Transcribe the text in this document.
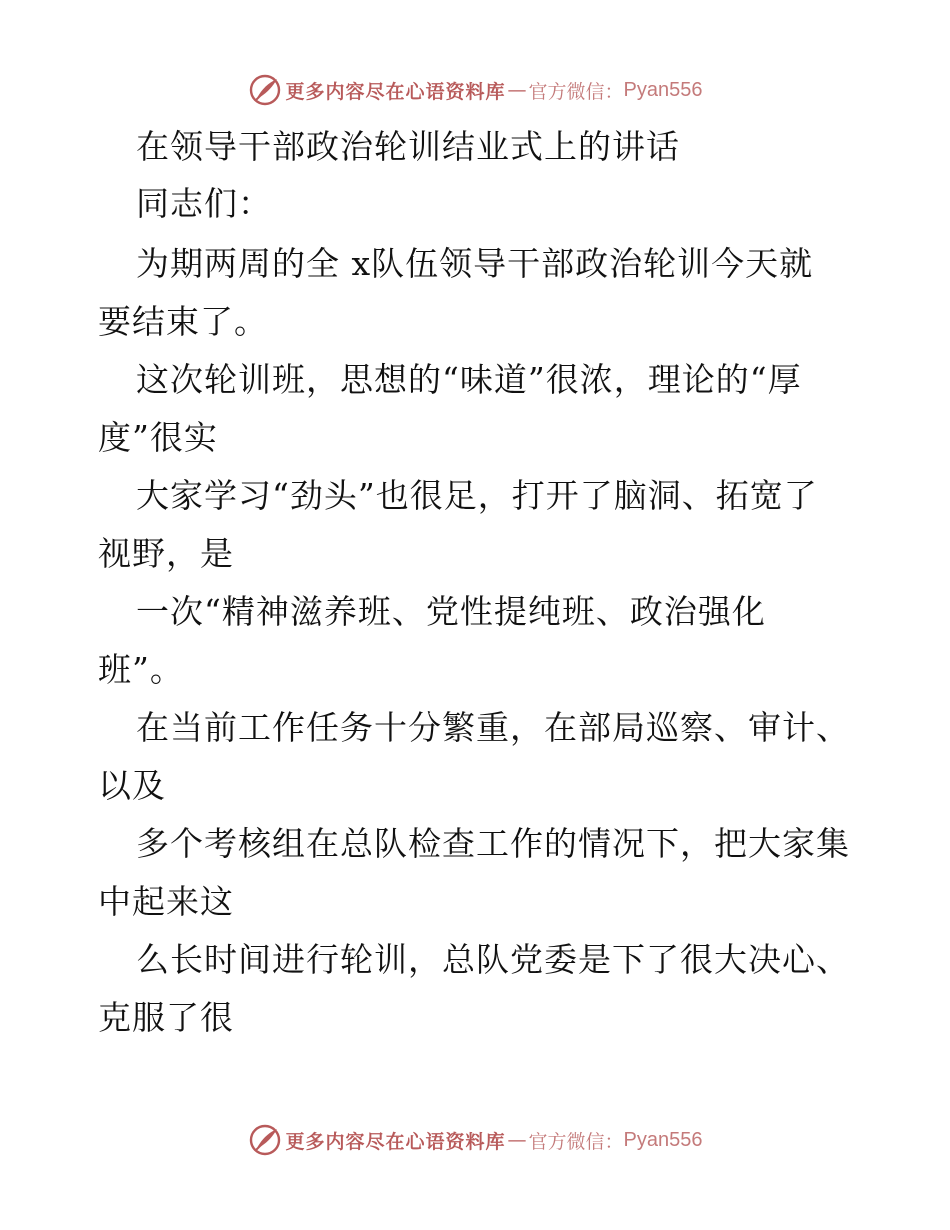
更多内容尽在心语资料库 — 官方微信： Pyan556
在领导干部政治轮训结业式上的讲话
同志们：
为期两周的全 x队伍领导干部政治轮训今天就
要结束了。
这次轮训班，思想的“味道”很浓，理论的“厚
度”很实
大家学习“劲头”也很足，打开了脑洞、拓宽了
视野，是
一次“精神滋养班、党性提纯班、政治强化
班”。
在当前工作任务十分繁重，在部局巡察、审计、
以及
多个考核组在总队检查工作的情况下，把大家集
中起来这
么长时间进行轮训，总队党委是下了很大决心、
克服了很
更多内容尽在心语资料库 — 官方微信： Pyan556
